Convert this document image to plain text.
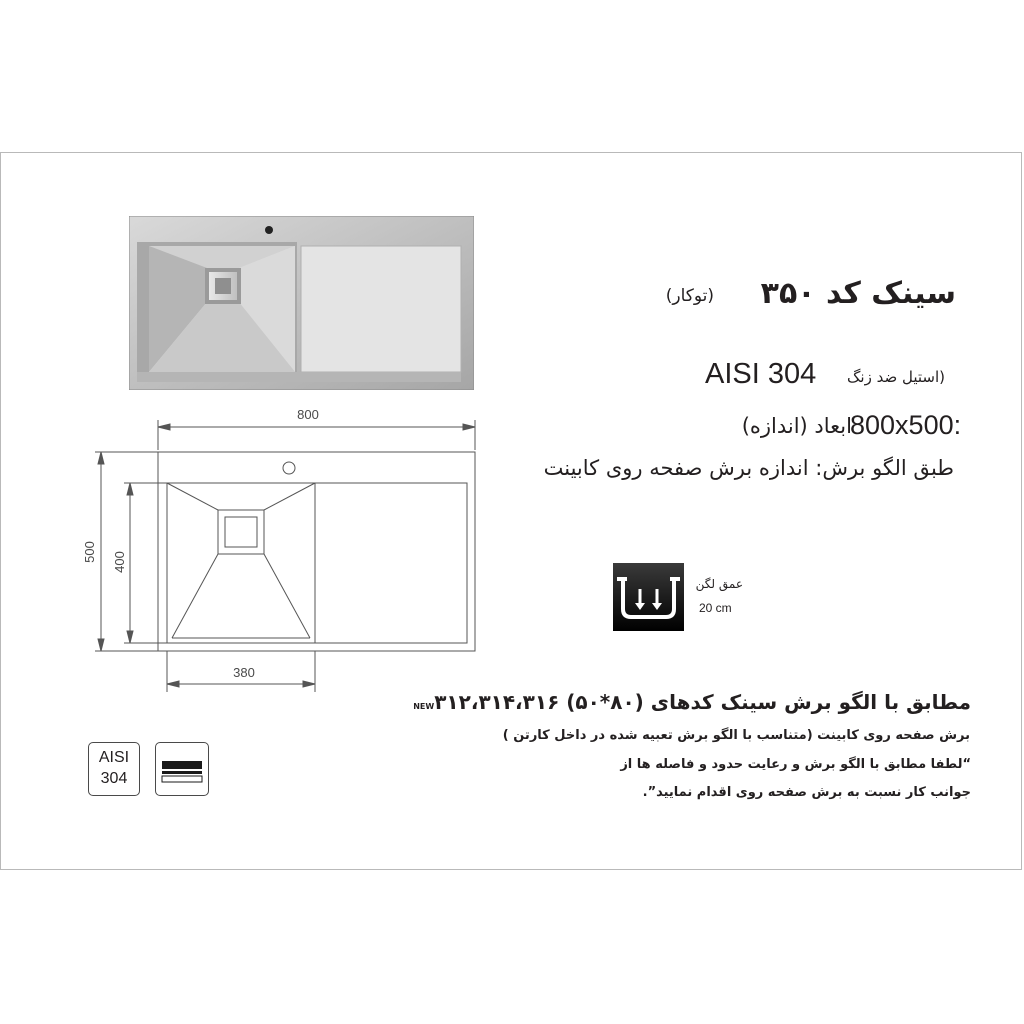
سینک کد ۳۵۰
(توکار)
(استیل ضد زنگ
AISI 304
ابعاد (اندازه)
800x500:
طبق الگو برش: اندازه برش صفحه روی کابینت
عمق لگن
20 cm
800
500 400
380
مطابق با الگو برش سینک کدهای NEW۳۱۲،۳۱۴،۳۱۶ (۵۰*۸۰)
برش صفحه روی کابینت (متناسب با الگو برش تعبیه شده در داخل کارتن )
“لطفا مطابق با الگو برش و رعایت حدود و فاصله ها از
جوانب کار نسبت به برش صفحه روی اقدام نمایید”.
AISI
304
